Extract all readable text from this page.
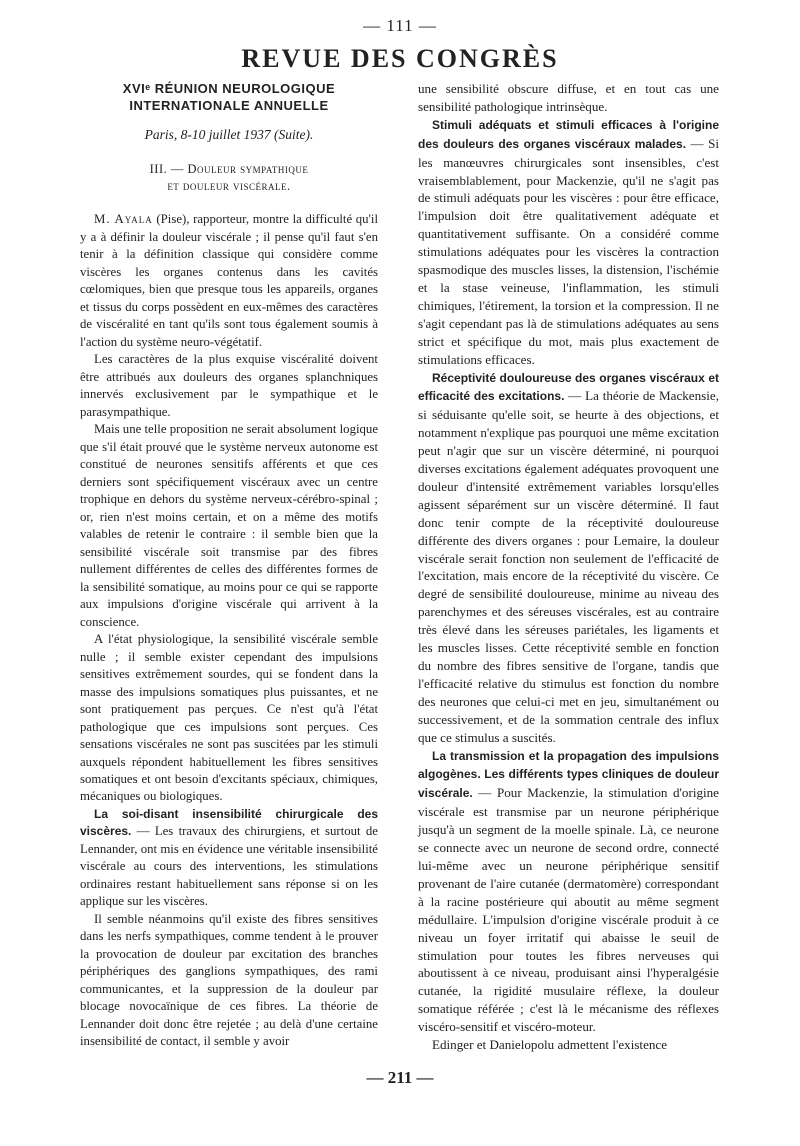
— 111 —
REVUE DES CONGRÈS
XVIᵉ RÉUNION NEUROLOGIQUE
INTERNATIONALE ANNUELLE
Paris, 8-10 juillet 1937 (Suite).
III. — Douleur sympathique
et douleur viscérale.

M. Ayala (Pise), rapporteur, montre la difficulté qu'il y a à définir la douleur viscérale ; il pense qu'il faut s'en tenir à la définition classique qui considère comme viscères les organes contenus dans les cavités cœlomiques, bien que presque tous les appareils, organes et tissus du corps possèdent en eux-mêmes des caractères de viscéralité en tant qu'ils sont tous également soumis à l'action du système neuro-végétatif.

Les caractères de la plus exquise viscéralité doivent être attribués aux douleurs des organes splanchniques innervés exclusivement par le sympathique et le parasympathique.

Mais une telle proposition ne serait absolument logique que s'il était prouvé que le système nerveux autonome est constitué de neurones sensitifs afférents et que ces derniers sont spécifiquement viscéraux avec un centre trophique en dehors du système nerveux-cérébro-spinal ; or, rien n'est moins certain, et on a même des motifs valables de retenir le contraire : il semble bien que la sensibilité viscérale soit transmise par des fibres nullement différentes de celles des différentes formes de la sensibilité somatique, au moins pour ce qui se rapporte aux impulsions d'origine viscérale qui arrivent à la conscience.

A l'état physiologique, la sensibilité viscérale semble nulle ; il semble exister cependant des impulsions sensitives extrêmement sourdes, qui se fondent dans la masse des impulsions somatiques plus puissantes, et ne sont pratiquement pas perçues. Ce n'est qu'à l'état pathologique que ces impulsions sont perçues. Ces sensations viscérales ne sont pas suscitées par les stimuli auxquels répondent habituellement les fibres sensitives somatiques et ont besoin d'excitants spéciaux, chimiques, mécaniques ou biologiques.

La soi-disant insensibilité chirurgicale des viscères. — Les travaux des chirurgiens, et surtout de Lennander, ont mis en évidence une véritable insensibilité viscérale au cours des interventions, les stimulations ordinaires restant habituellement sans réponse si on les applique sur les viscères.

Il semble néanmoins qu'il existe des fibres sensitives dans les nerfs sympathiques, comme tendent à le prouver la provocation de douleur par excitation des branches périphériques des ganglions sympathiques, des rami communicantes, et la suppression de la douleur par blocage novocaïnique de ces fibres. La théorie de Lennander doit donc être rejetée ; au delà d'une certaine insensibilité de contact, il semble y avoir

une sensibilité obscure diffuse, et en tout cas une sensibilité pathologique intrinsèque.

Stimuli adéquats et stimuli efficaces à l'origine des douleurs des organes viscéraux malades. — Si les manœuvres chirurgicales sont insensibles, c'est vraisemblablement, pour Mackenzie, qu'il ne s'agit pas de stimuli adéquats pour les viscères : pour être efficace, l'impulsion doit être qualitativement adéquate et quantitativement suffisante. On a considéré comme stimulations adéquates pour les viscères la contraction spasmodique des muscles lisses, la distension, l'ischémie et la stase veineuse, l'inflammation, les stimuli chimiques, l'étirement, la torsion et la compression. Il ne s'agit cependant pas là de stimulations adéquates au sens strict et spécifique du mot, mais plus exactement de stimulations efficaces.

Réceptivité douloureuse des organes viscéraux et efficacité des excitations. — La théorie de Mackensie, si séduisante qu'elle soit, se heurte à des objections, et notamment n'explique pas pourquoi une même excitation peut n'agir que sur un viscère déterminé, ni pourquoi diverses excitations également adéquates provoquent une douleur d'intensité extrêmement variables lorsqu'elles agissent séparément sur un viscère déterminé. Il faut donc tenir compte de la réceptivité douloureuse différente des divers organes : pour Lemaire, la douleur viscérale serait fonction non seulement de l'efficacité de l'excitation, mais encore de la réceptivité du viscère. Ce degré de sensibilité douloureuse, minime au niveau des parenchymes et des séreuses viscérales, est au contraire très élevé dans les séreuses pariétales, les ligaments et les muscles lisses. Cette réceptivité semble en fonction du nombre des fibres sensitive de l'organe, tandis que l'efficacité relative du stimulus est fonction du nombre des neurones que celui-ci met en jeu, simultanément ou successivement, et de la sommation centrale des influx que ce stimulus a suscités.

La transmission et la propagation des impulsions algogènes. Les différents types cliniques de douleur viscérale. — Pour Mackenzie, la stimulation d'origine viscérale est transmise par un neurone périphérique jusqu'à un segment de la moelle spinale. Là, ce neurone se connecte avec un neurone de second ordre, connecté lui-même avec un neurone périphérique sensitif provenant de l'aire cutanée (dermatomère) correspondant à la racine postérieure qui aboutit au même segment médullaire. L'impulsion d'origine viscérale produit à ce niveau un foyer irritatif qui abaisse le seuil de stimulation pour toutes les fibres nerveuses qui aboutissent à ce niveau, produisant ainsi l'hyperalgésie cutanée, la rigidité musulaire réflexe, la douleur somatique référée ; c'est là le mécanisme des réflexes viscéro-sensitif et viscéro-moteur.

Edinger et Danielopolu admettent l'existence

— 211 —
